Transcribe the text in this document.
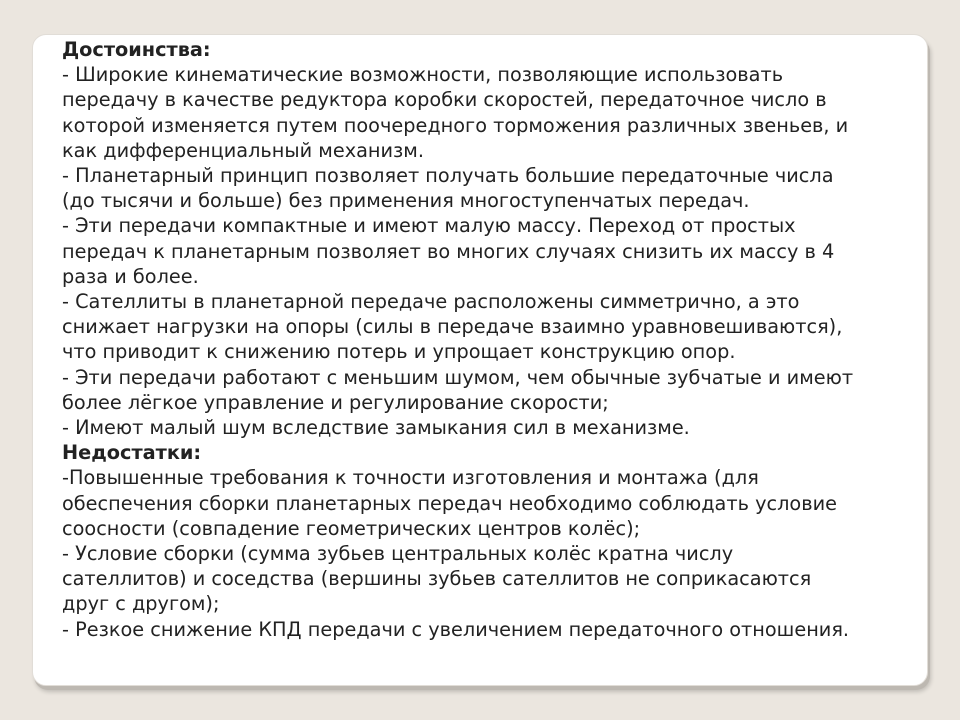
Достоинства:
- Широкие кинематические возможности, позволяющие использовать
передачу в качестве редуктора коробки скоростей, передаточное число в
которой изменяется путем поочередного торможения различных звеньев, и
как дифференциальный механизм.
- Планетарный принцип позволяет получать большие передаточные числа
(до тысячи и больше) без применения многоступенчатых передач.
- Эти передачи компактные и имеют малую массу. Переход от простых
передач к планетарным позволяет во многих случаях снизить их массу в 4
раза и более.
- Сателлиты в планетарной передаче расположены симметрично, а это
снижает нагрузки на опоры (силы в передаче взаимно уравновешиваются),
что приводит к снижению потерь и упрощает конструкцию опор.
- Эти передачи работают с меньшим шумом, чем обычные зубчатые и имеют
более лёгкое управление и регулирование скорости;
- Имеют малый шум вследствие замыкания сил в механизме.
Недостатки:
-Повышенные требования к точности изготовления и монтажа (для
обеспечения сборки планетарных передач необходимо соблюдать условие
соосности (совпадение геометрических центров колёс);
- Условие сборки (сумма зубьев центральных колёс кратна числу
сателлитов) и соседства (вершины зубьев сателлитов не соприкасаются
друг с другом);
- Резкое снижение КПД передачи с увеличением передаточного отношения.
